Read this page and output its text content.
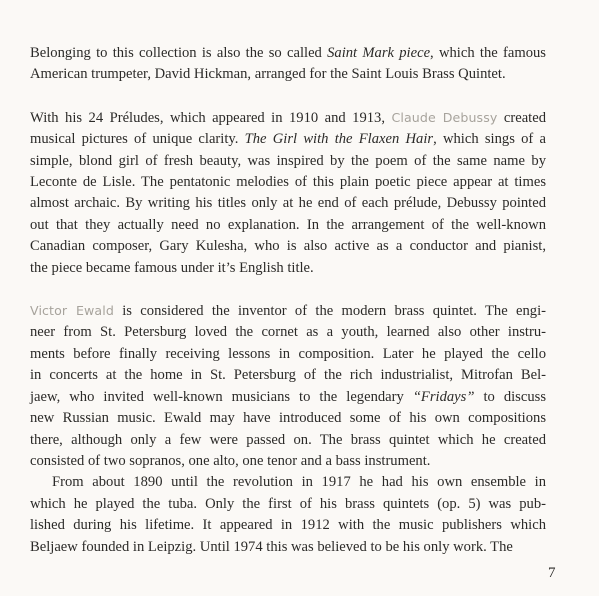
Belonging to this collection is also the so called Saint Mark piece, which the famous
American trumpeter, David Hickman, arranged for the Saint Louis Brass Quintet.

With his 24 Préludes, which appeared in 1910 and 1913, Claude Debussy created
musical pictures of unique clarity. The Girl with the Flaxen Hair, which sings of a
simple, blond girl of fresh beauty, was inspired by the poem of the same name by
Leconte de Lisle. The pentatonic melodies of this plain poetic piece appear at times
almost archaic. By writing his titles only at he end of each prélude, Debussy pointed
out that they actually need no explanation. In the arrangement of the well-known
Canadian composer, Gary Kulesha, who is also active as a conductor and pianist,
the piece became famous under it’s English title.

Victor Ewald is considered the inventor of the modern brass quintet. The engi-
neer from St. Petersburg loved the cornet as a youth, learned also other instru-
ments before finally receiving lessons in composition. Later he played the cello
in concerts at the home in St. Petersburg of the rich industrialist, Mitrofan Bel-
jaew, who invited well-known musicians to the legendary “Fridays” to discuss
new Russian music. Ewald may have introduced some of his own compositions
there, although only a few were passed on. The brass quintet which he created
consisted of two sopranos, one alto, one tenor and a bass instrument.

From about 1890 until the revolution in 1917 he had his own ensemble in
which he played the tuba. Only the first of his brass quintets (op. 5) was pub-
lished during his lifetime. It appeared in 1912 with the music publishers which
Beljaew founded in Leipzig. Until 1974 this was believed to be his only work. The

7
